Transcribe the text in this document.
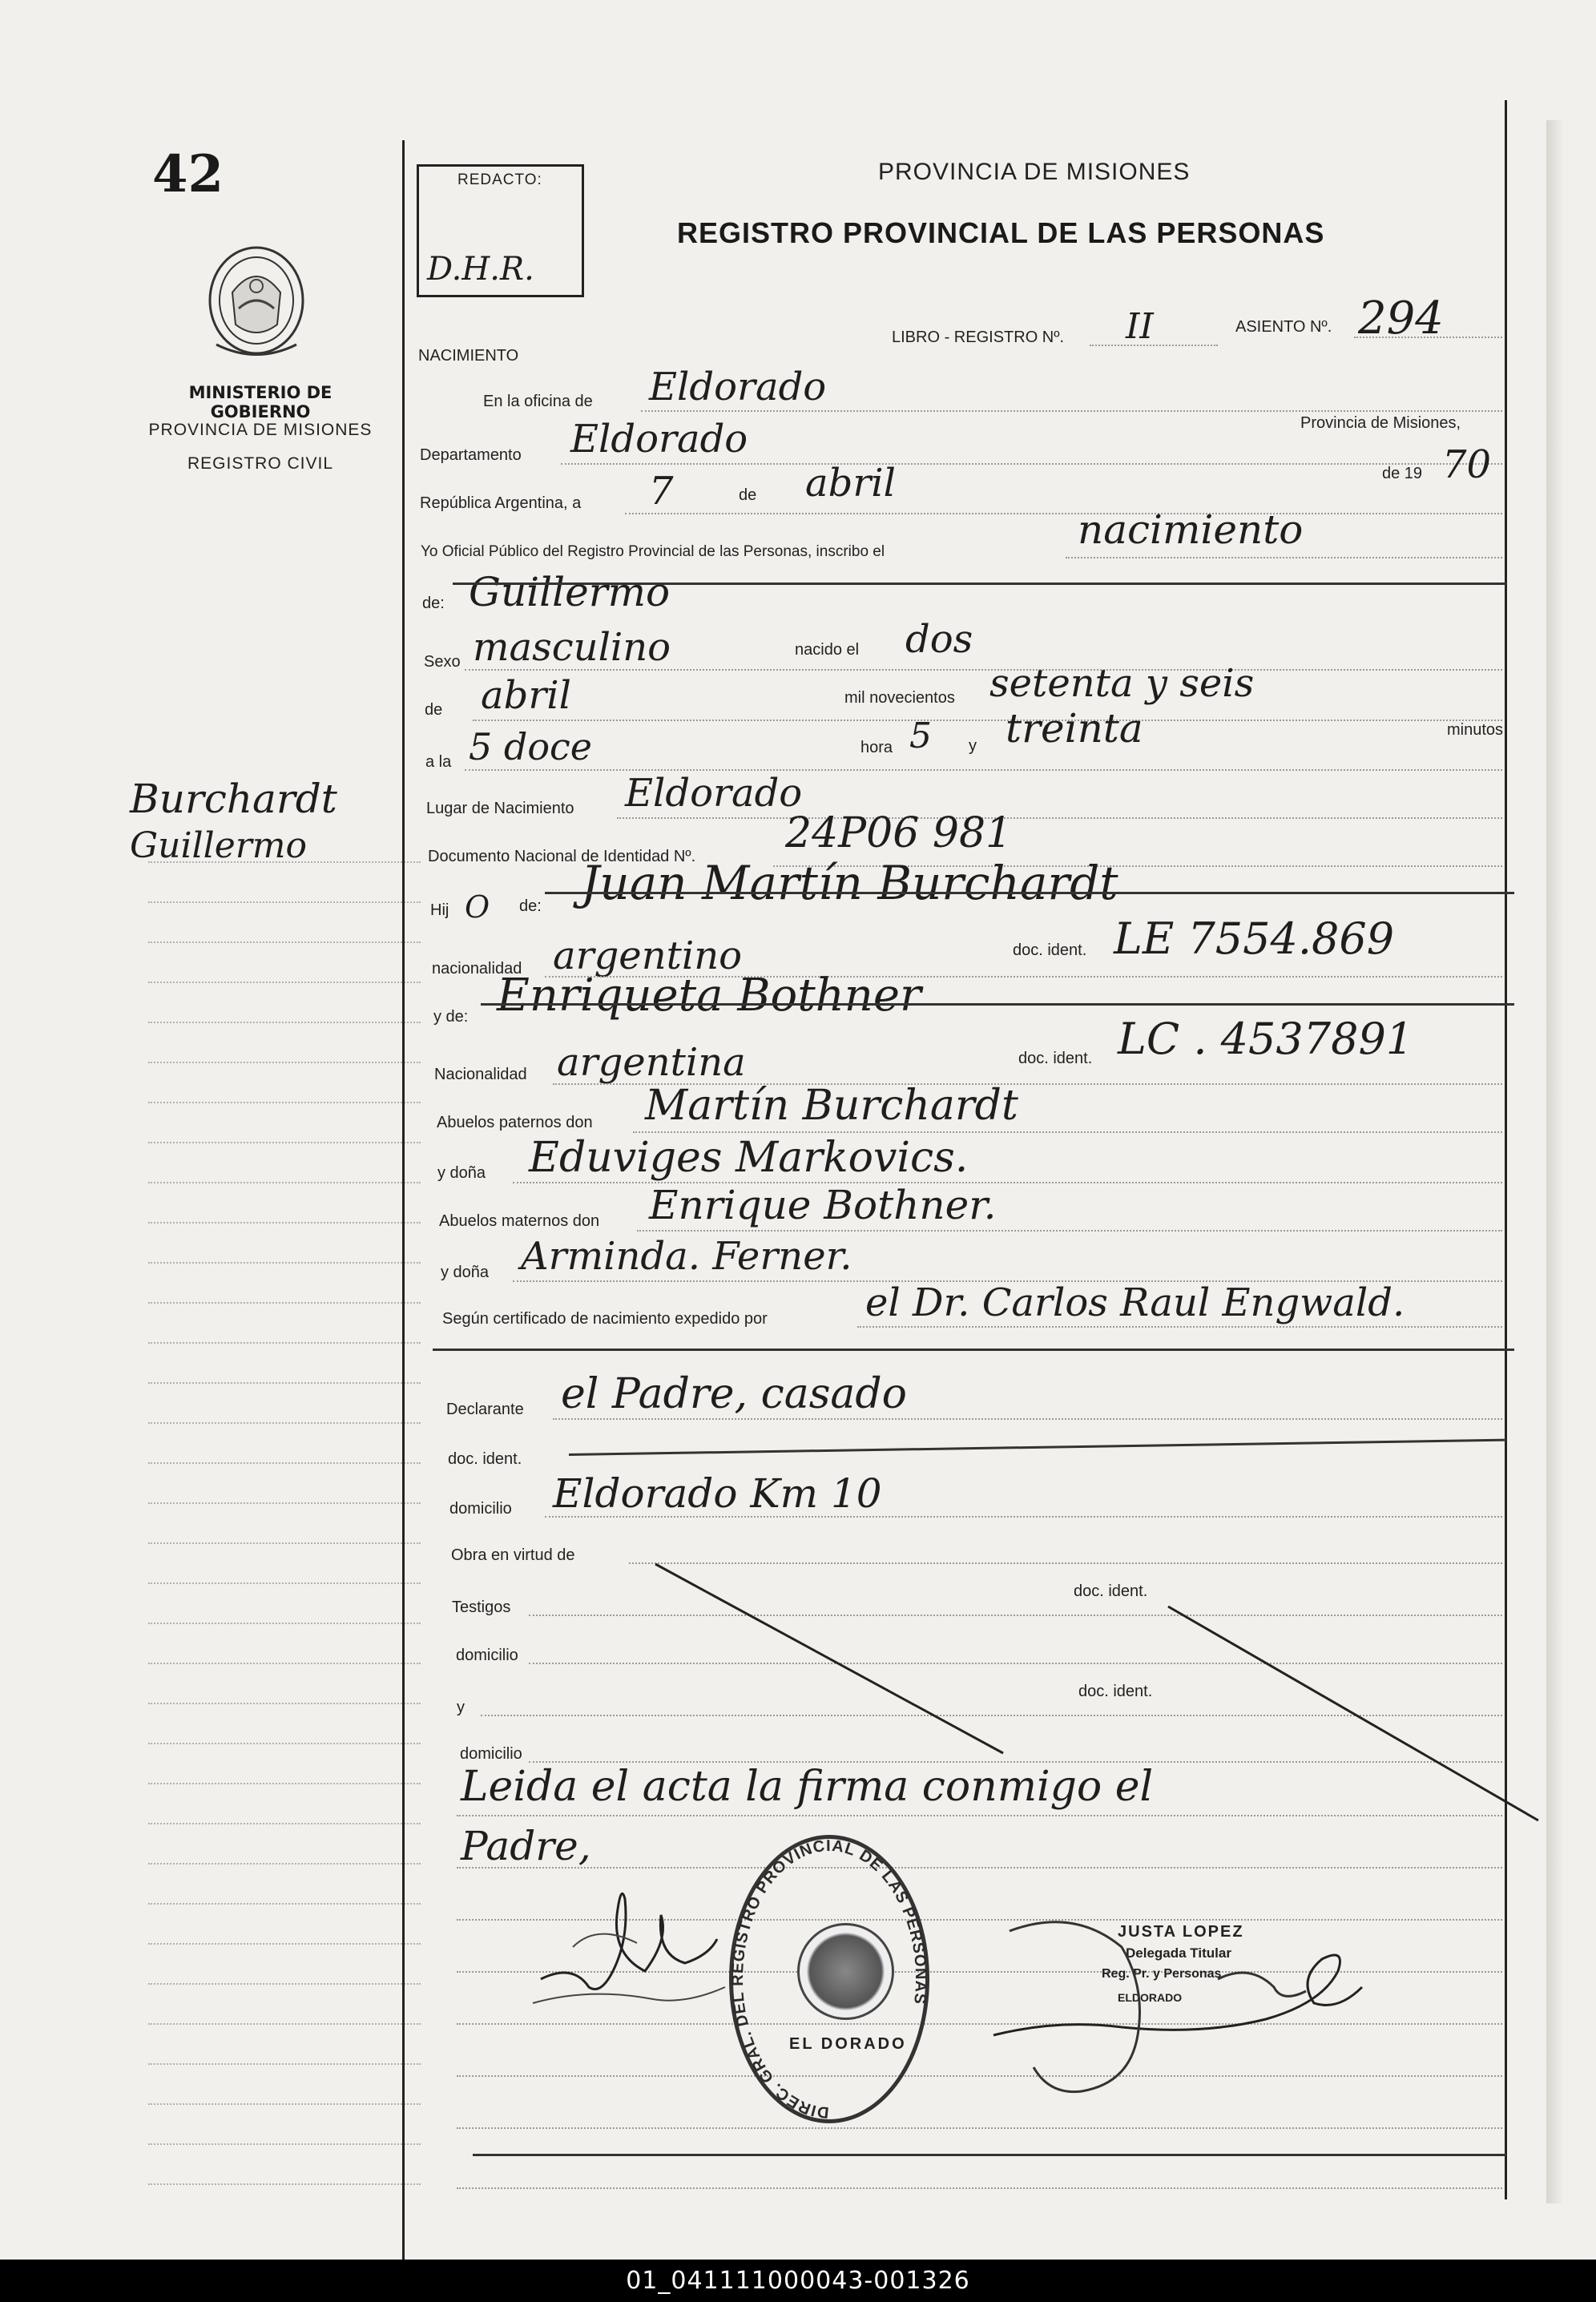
42
MINISTERIO DE GOBIERNO
PROVINCIA DE MISIONES
REGISTRO CIVIL
Burchardt
Guillermo
REDACTO:
D.H.R.
PROVINCIA DE MISIONES
REGISTRO PROVINCIAL DE LAS PERSONAS
LIBRO - REGISTRO Nº. II	ASIENTO Nº. 294
NACIMIENTO
En la oficina de Eldorado
Departamento Eldorado	Provincia de Misiones,
República Argentina, a 7	de abril	de 19 70
Yo Oficial Público del Registro Provincial de las Personas, inscribo el	nacimiento
de: Guillermo
Sexo masculino	nacido el dos
de abril	mil novecientos setenta y seis
a la 5 doce	hora 5 y treinta	minutos
Lugar de Nacimiento Eldorado
Documento Nacional de Identidad Nº. 24P06 981
Hij O de: Juan Martín Burchardt
nacionalidad argentino	doc. ident. LE 7554.869
y de: Enriqueta Bothner
Nacionalidad argentina	doc. ident. LC . 4537891
Abuelos paternos don Martín Burchardt
y doña Eduviges Markovics.
Abuelos maternos don Enrique Bothner.
y doña Arminda. Ferner.
Según certificado de nacimiento expedido por	el Dr. Carlos Raul Engwald.
Declarante el Padre, casado
doc. ident.
domicilio Eldorado Km 10
Obra en virtud de
Testigos
doc. ident.
domicilio
y
doc. ident.
domicilio
Leida el acta la firma conmigo el
Padre,
DIREC. GRAL. DEL REGISTRO PROVINCIAL DE LAS PERSONAS
EL DORADO
JUSTA LOPEZ
Delegada Titular
Reg. Pr. y Personas
ELDORADO
01_041111000043-001326
